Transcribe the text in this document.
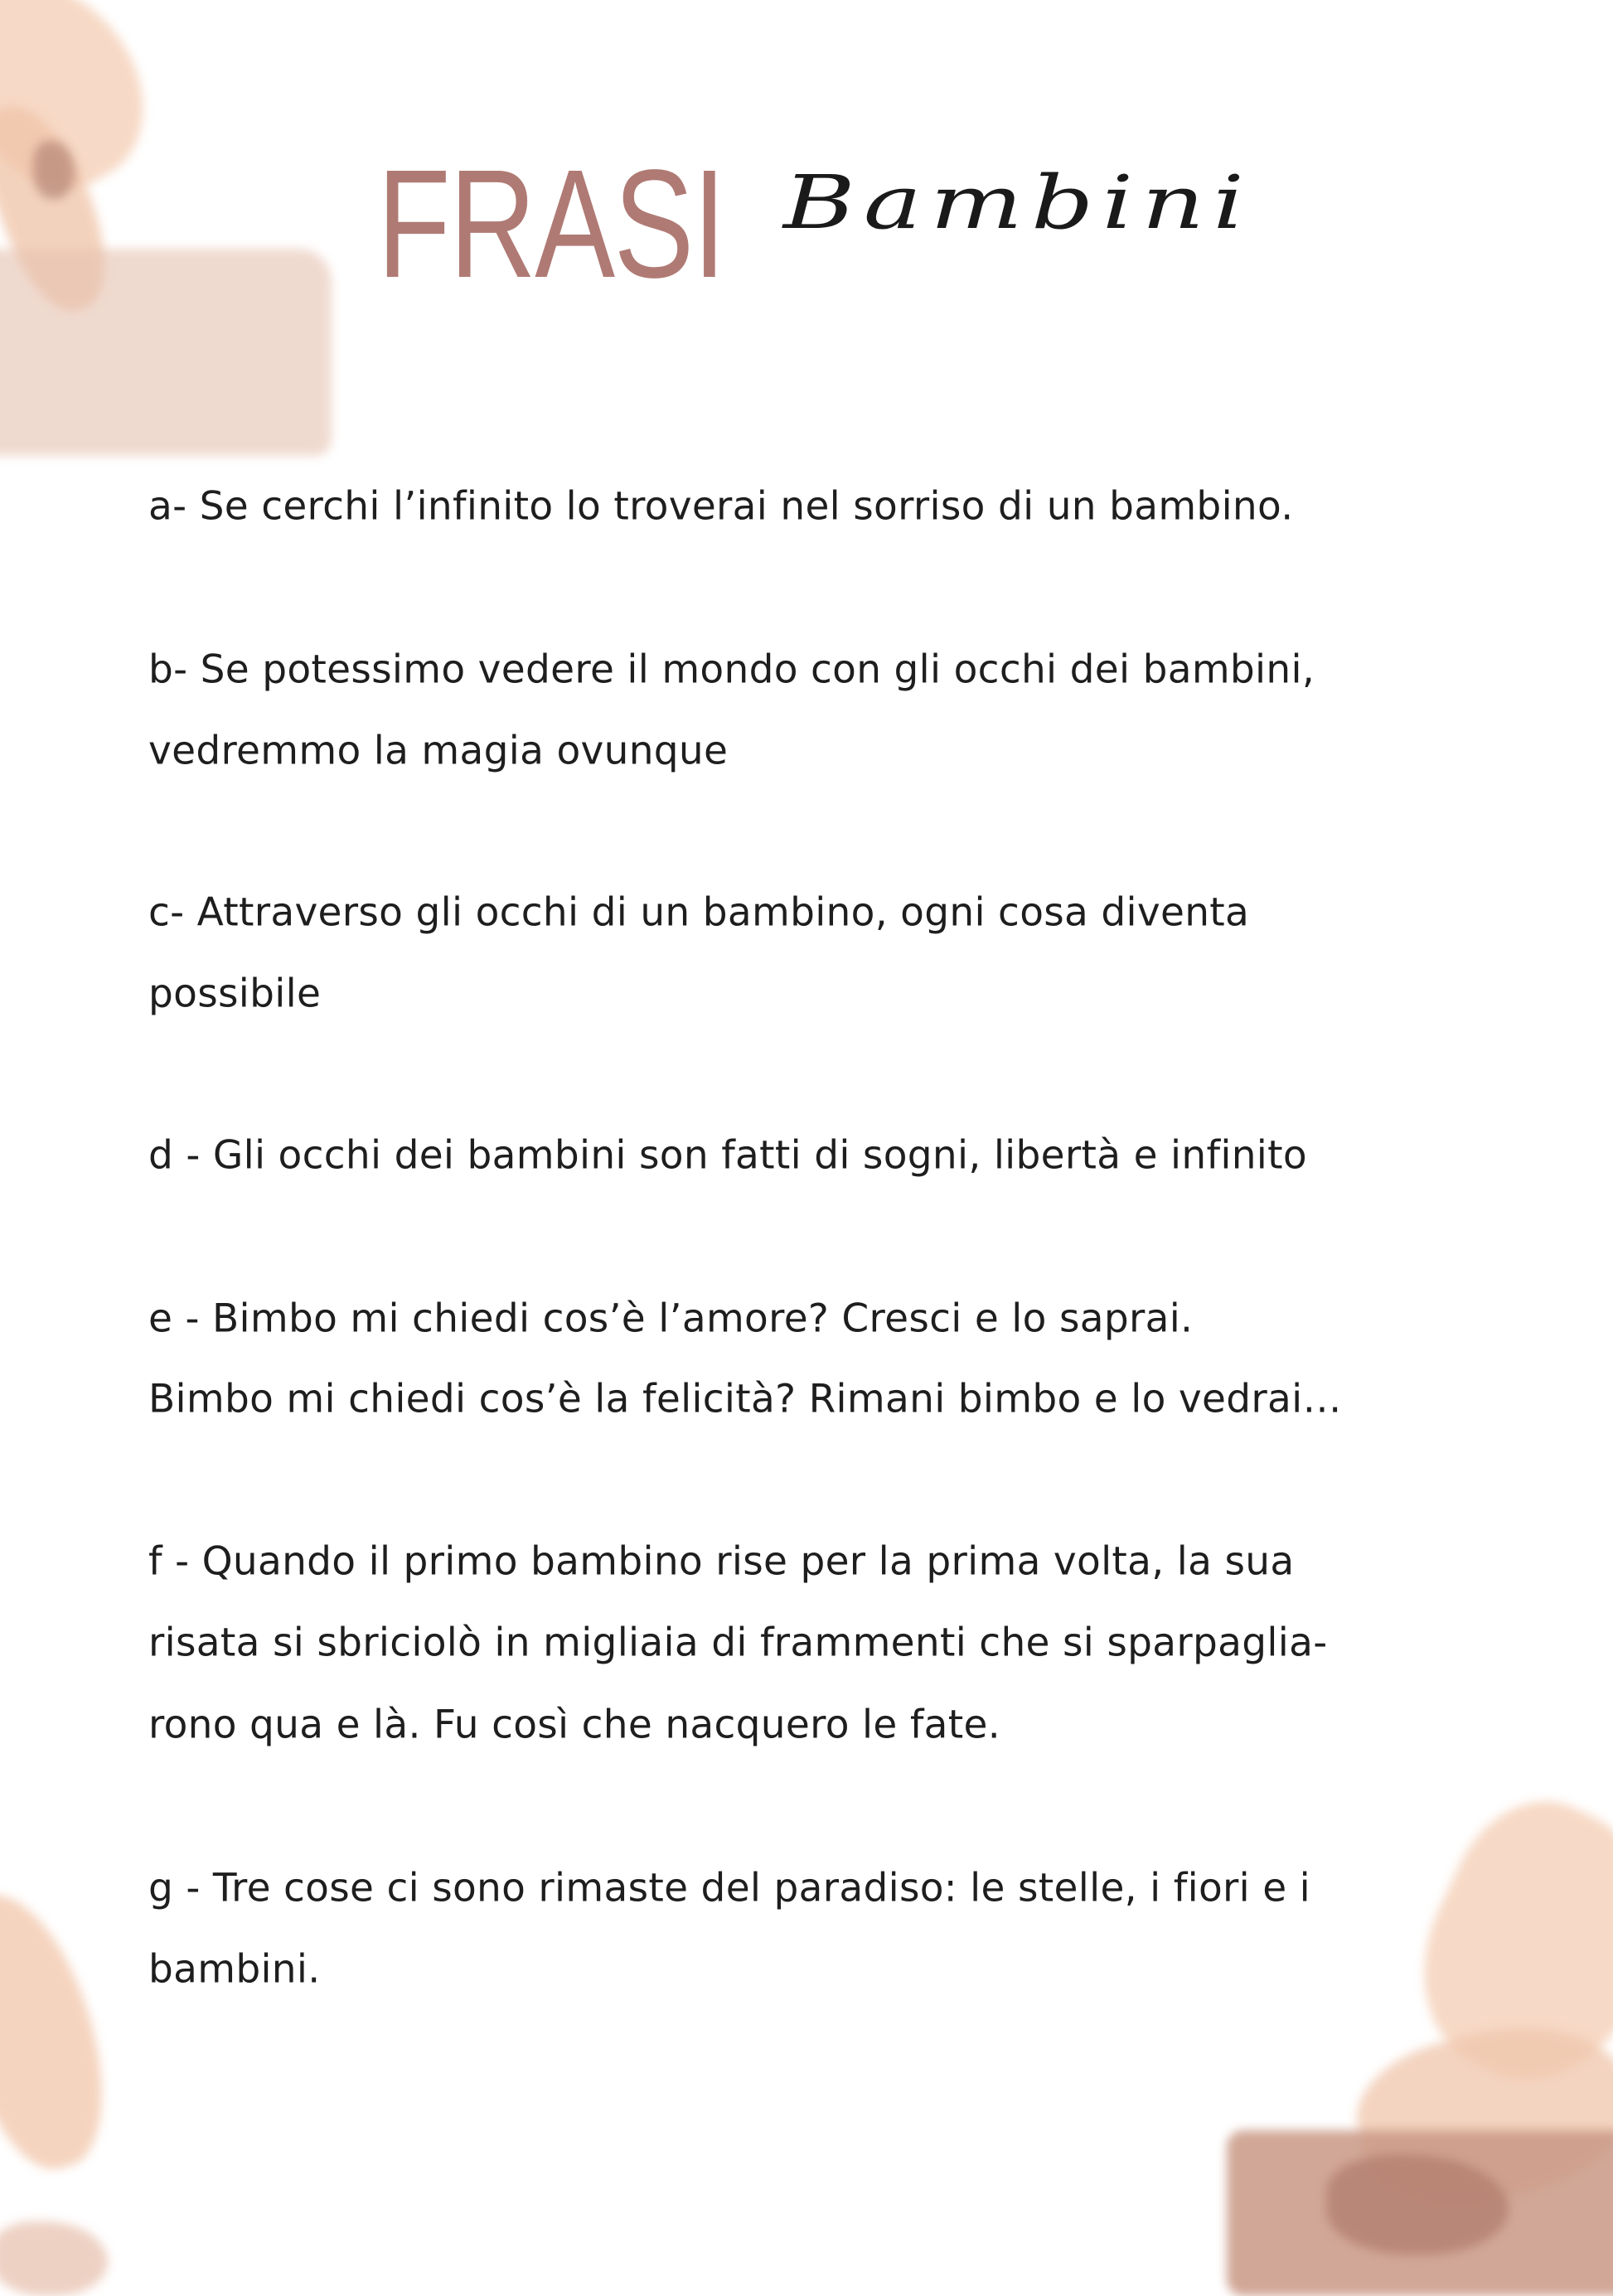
FRASI Bambini
a- Se cerchi l’infinito lo troverai nel sorriso di un bambino.
b- Se potessimo vedere il mondo con gli occhi dei bambini,
vedremmo la magia ovunque
c- Attraverso gli occhi di un bambino, ogni cosa diventa
possibile
d - Gli occhi dei bambini son fatti di sogni, libertà e infinito
e - Bimbo mi chiedi cos’è l’amore? Cresci e lo saprai.
Bimbo mi chiedi cos’è la felicità? Rimani bimbo e lo vedrai…
f - Quando il primo bambino rise per la prima volta, la sua
risata si sbriciolò in migliaia di frammenti che si sparpaglia-
rono qua e là. Fu così che nacquero le fate.
g - Tre cose ci sono rimaste del paradiso: le stelle, i fiori e i
bambini.
